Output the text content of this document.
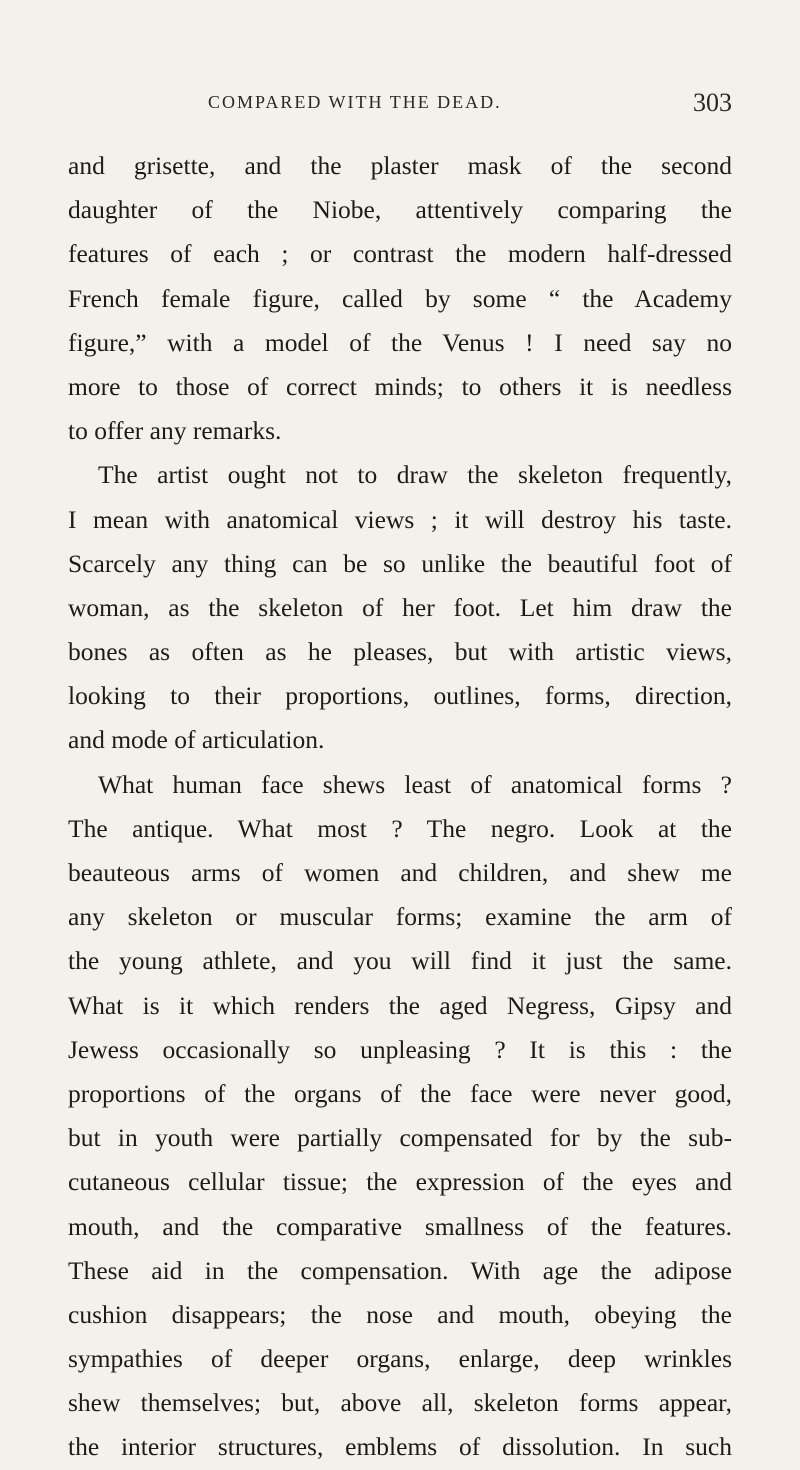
COMPARED WITH THE DEAD.	303
and grisette, and the plaster mask of the second
daughter of the Niobe, attentively comparing the
features of each ; or contrast the modern half-dressed
French female figure, called by some “ the Academy
figure,” with a model of the Venus ! I need say no
more to those of correct minds; to others it is needless
to offer any remarks.
The artist ought not to draw the skeleton frequently,
I mean with anatomical views ; it will destroy his taste.
Scarcely any thing can be so unlike the beautiful foot of
woman, as the skeleton of her foot. Let him draw the
bones as often as he pleases, but with artistic views,
looking to their proportions, outlines, forms, direction,
and mode of articulation.
What human face shews least of anatomical forms ?
The antique. What most ? The negro. Look at the
beauteous arms of women and children, and shew me
any skeleton or muscular forms; examine the arm of
the young athlete, and you will find it just the same.
What is it which renders the aged Negress, Gipsy and
Jewess occasionally so unpleasing ? It is this : the
proportions of the organs of the face were never good,
but in youth were partially compensated for by the sub-
cutaneous cellular tissue; the expression of the eyes and
mouth, and the comparative smallness of the features.
These aid in the compensation. With age the adipose
cushion disappears; the nose and mouth, obeying the
sympathies of deeper organs, enlarge, deep wrinkles
shew themselves; but, above all, skeleton forms appear,
the interior structures, emblems of dissolution. In such
